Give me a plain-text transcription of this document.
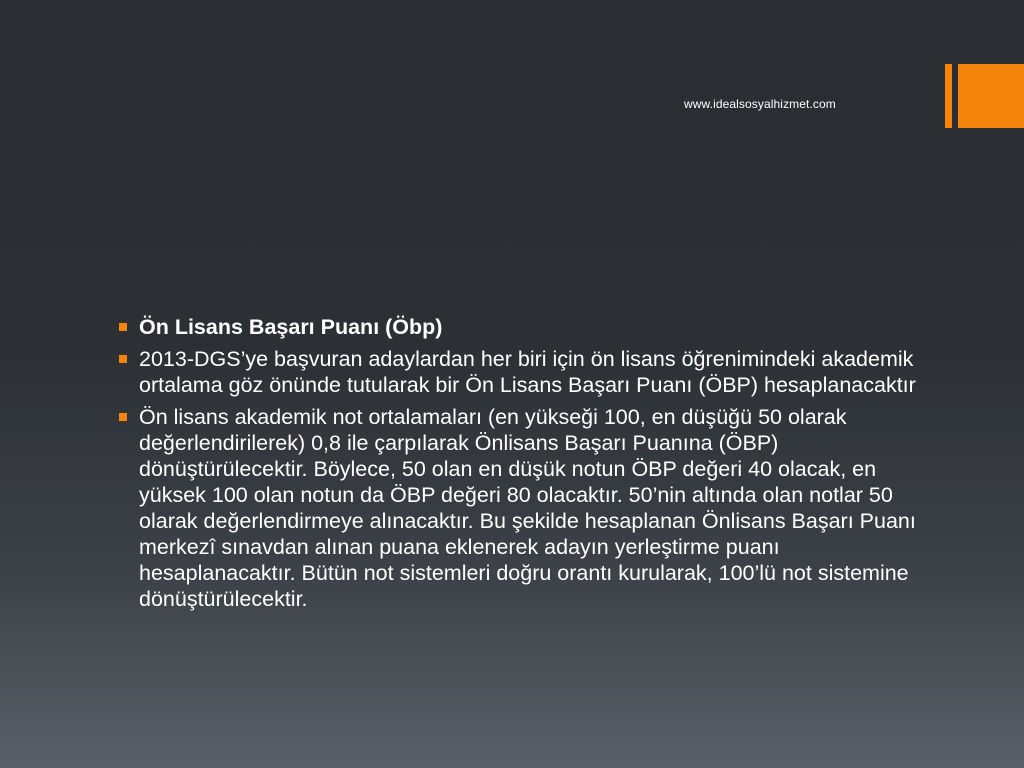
www.idealsosyalhizmet.com
Ön Lisans Başarı Puanı (Öbp)
2013-DGS’ye başvuran adaylardan her biri için ön lisans öğrenimindeki akademik ortalama göz önünde tutularak bir Ön Lisans Başarı Puanı (ÖBP) hesaplanacaktır
Ön lisans akademik not ortalamaları (en yükseği 100, en düşüğü 50 olarak değerlendirilerek) 0,8 ile çarpılarak Önlisans Başarı Puanına (ÖBP) dönüştürülecektir. Böylece, 50 olan en düşük notun ÖBP değeri 40 olacak, en yüksek 100 olan notun da ÖBP değeri 80 olacaktır. 50’nin altında olan notlar 50 olarak değerlendirmeye alınacaktır. Bu şekilde hesaplanan Önlisans Başarı Puanı merkezî sınavdan alınan puana eklenerek adayın yerleştirme puanı hesaplanacaktır. Bütün not sistemleri doğru orantı kurularak, 100’lü not sistemine dönüştürülecektir.
